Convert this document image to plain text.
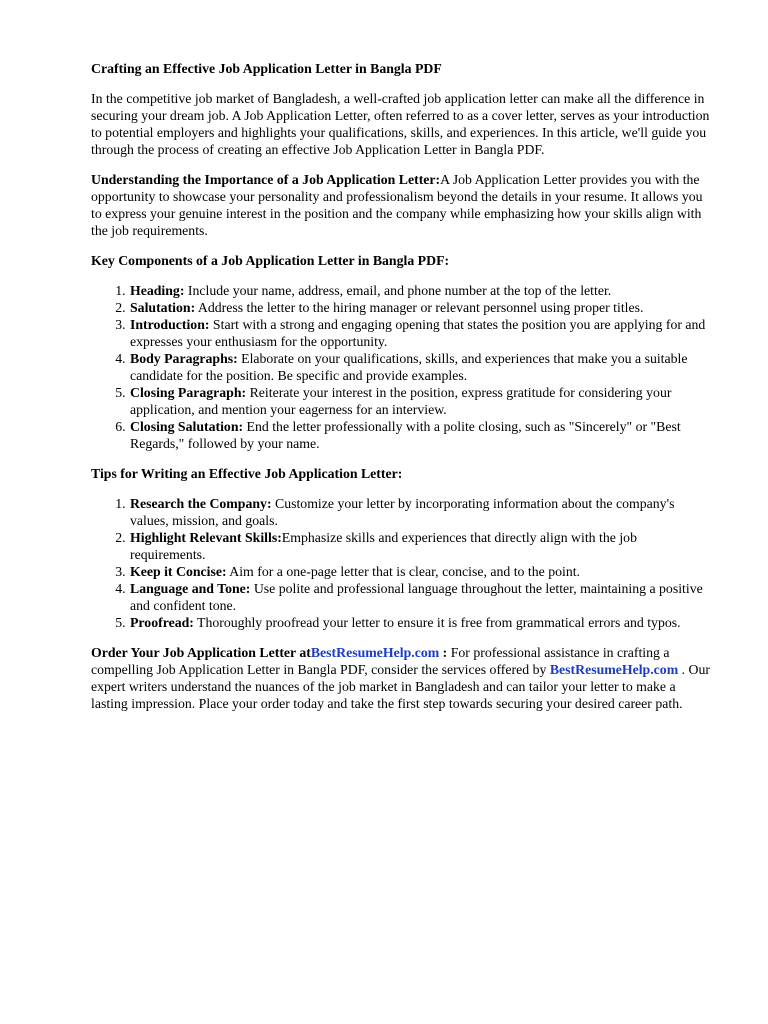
Crafting an Effective Job Application Letter in Bangla PDF

In the competitive job market of Bangladesh, a well-crafted job application letter can make all the difference in securing your dream job. A Job Application Letter, often referred to as a cover letter, serves as your introduction to potential employers and highlights your qualifications, skills, and experiences. In this article, we'll guide you through the process of creating an effective Job Application Letter in Bangla PDF.

Understanding the Importance of a Job Application Letter:A Job Application Letter provides you with the opportunity to showcase your personality and professionalism beyond the details in your resume. It allows you to express your genuine interest in the position and the company while emphasizing how your skills align with the job requirements.

Key Components of a Job Application Letter in Bangla PDF:
1. Heading: Include your name, address, email, and phone number at the top of the letter.
2. Salutation: Address the letter to the hiring manager or relevant personnel using proper titles.
3. Introduction: Start with a strong and engaging opening that states the position you are applying for and expresses your enthusiasm for the opportunity.
4. Body Paragraphs: Elaborate on your qualifications, skills, and experiences that make you a suitable candidate for the position. Be specific and provide examples.
5. Closing Paragraph: Reiterate your interest in the position, express gratitude for considering your application, and mention your eagerness for an interview.
6. Closing Salutation: End the letter professionally with a polite closing, such as "Sincerely" or "Best Regards," followed by your name.
Tips for Writing an Effective Job Application Letter:
1. Research the Company: Customize your letter by incorporating information about the company's values, mission, and goals.
2. Highlight Relevant Skills:Emphasize skills and experiences that directly align with the job requirements.
3. Keep it Concise: Aim for a one-page letter that is clear, concise, and to the point.
4. Language and Tone: Use polite and professional language throughout the letter, maintaining a positive and confident tone.
5. Proofread: Thoroughly proofread your letter to ensure it is free from grammatical errors and typos.

Order Your Job Application Letter atBestResumeHelp.com : For professional assistance in crafting a compelling Job Application Letter in Bangla PDF, consider the services offered by BestResumeHelp.com . Our expert writers understand the nuances of the job market in Bangladesh and can tailor your letter to make a lasting impression. Place your order today and take the first step towards securing your desired career path.
